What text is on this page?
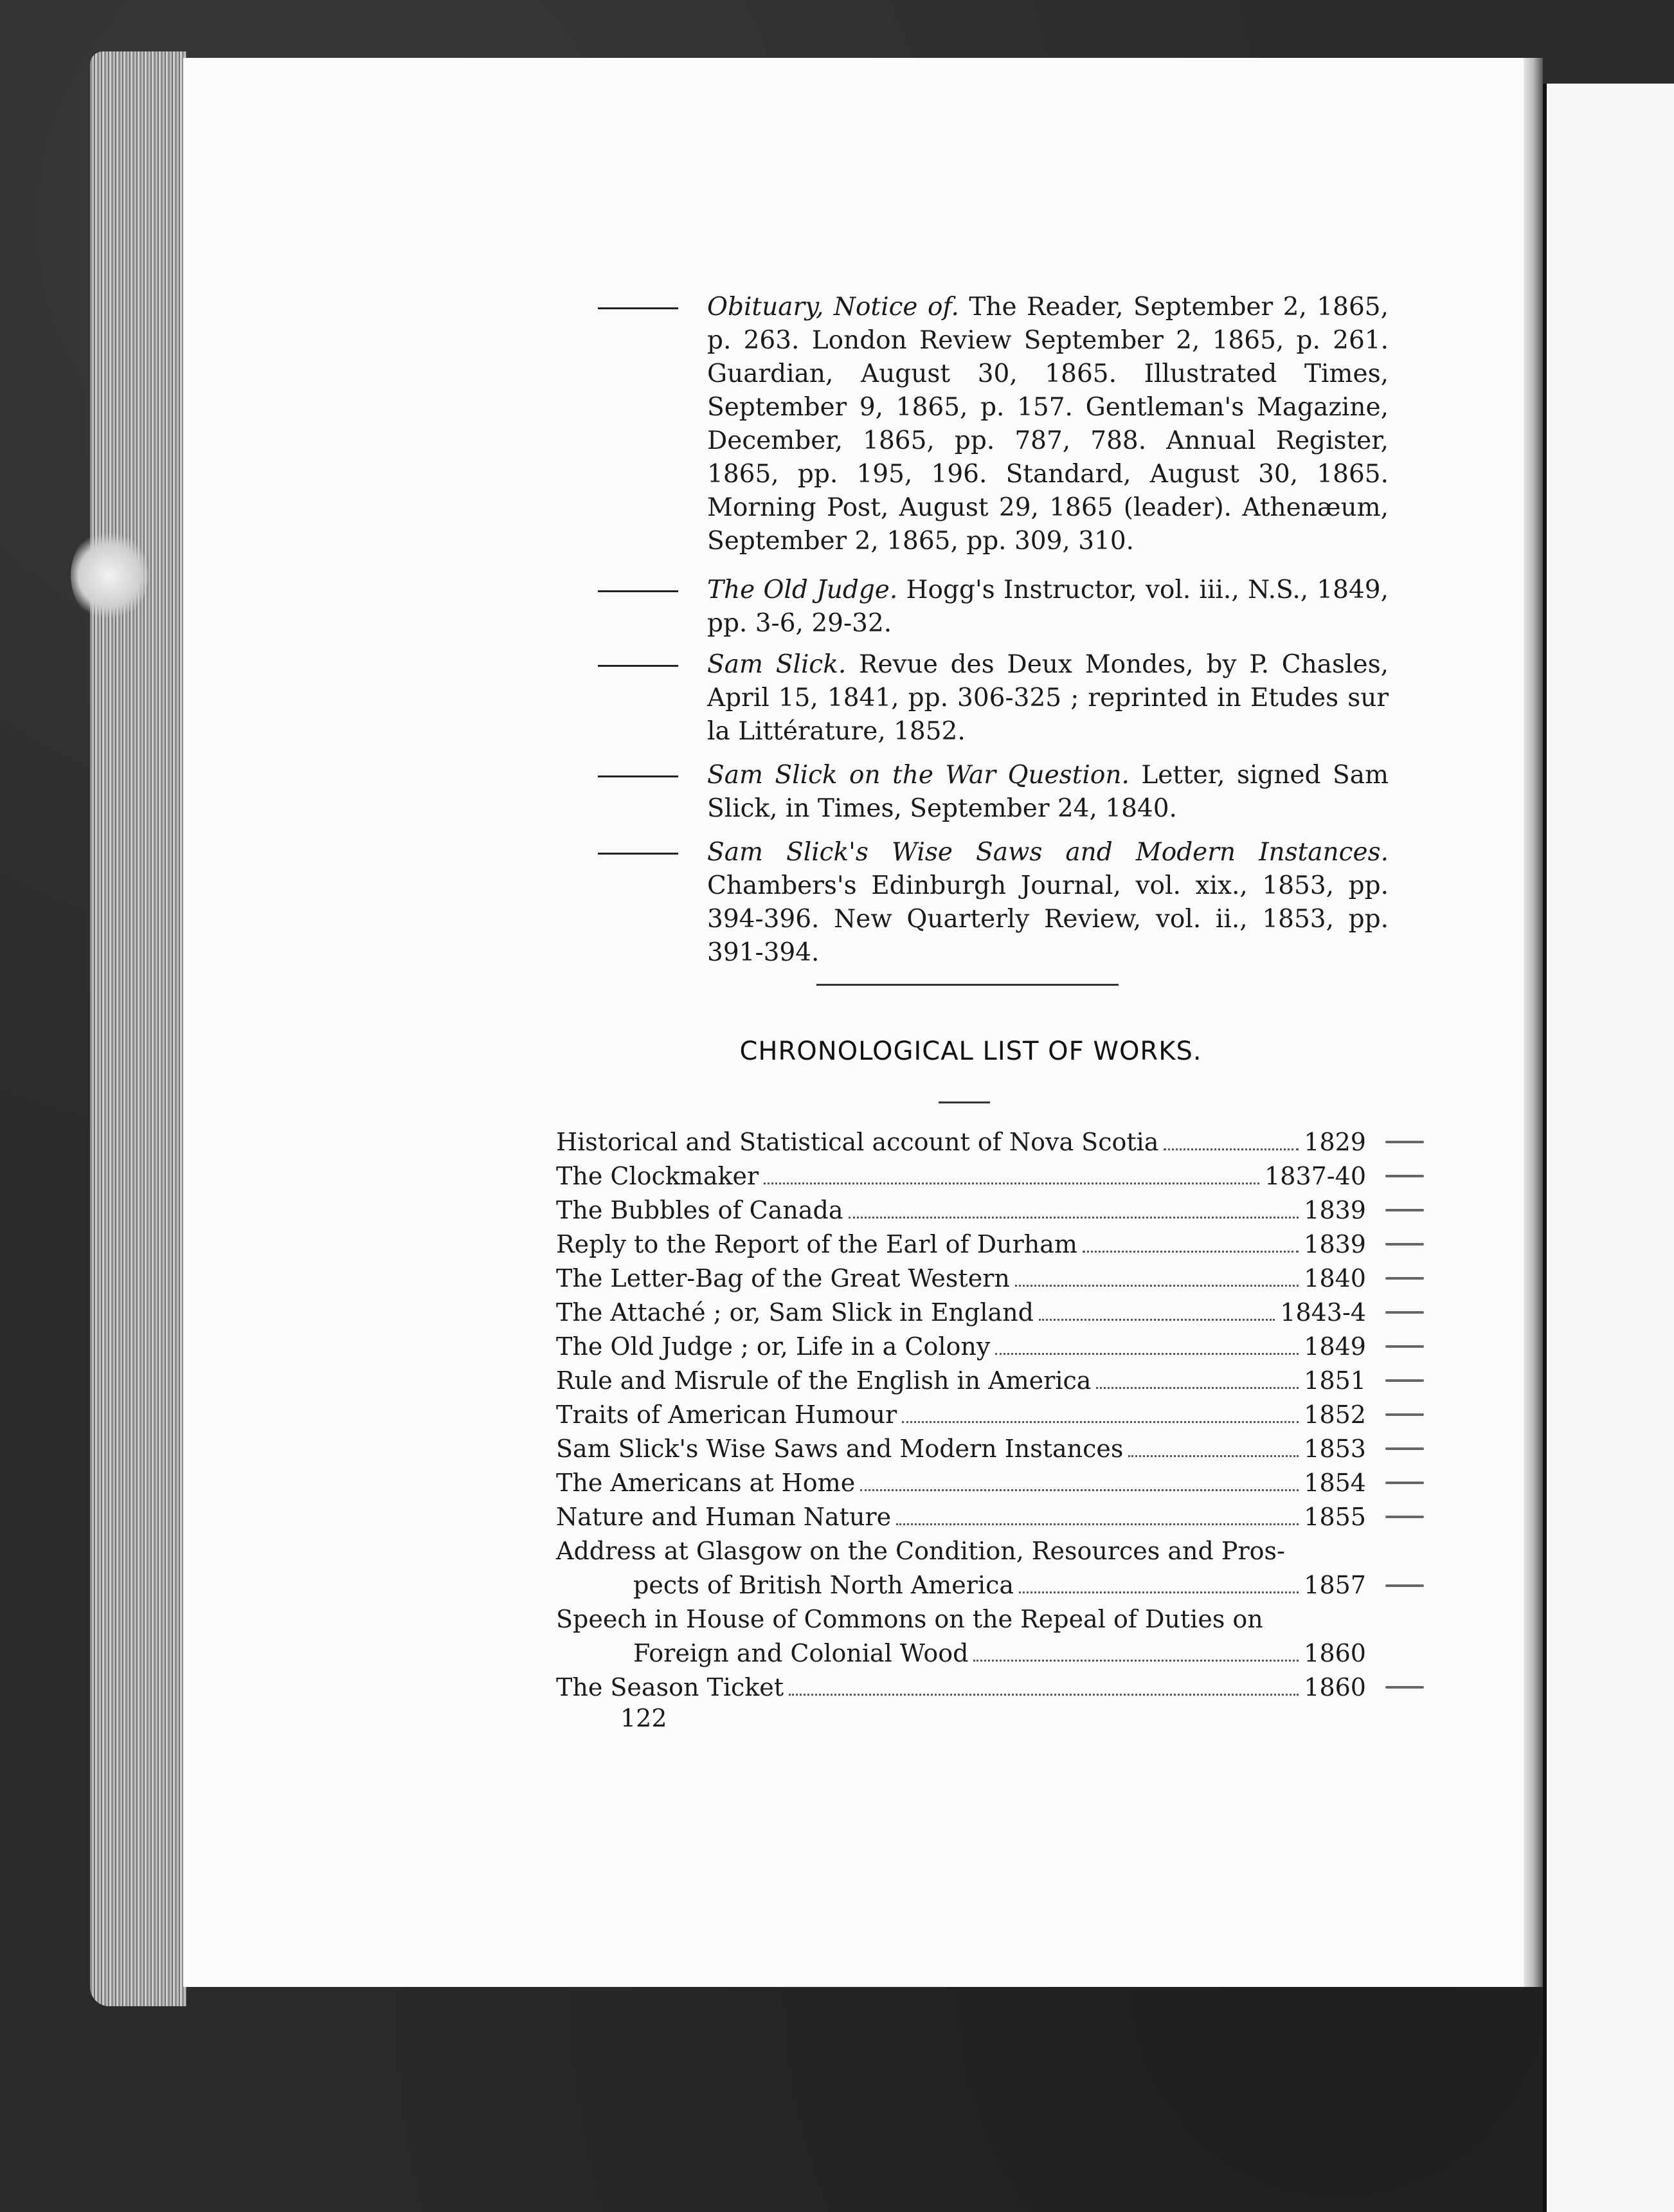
Obituary, Notice of. The Reader, September 2, 1865, p. 263. London Review September 2, 1865, p. 261. Guardian, August 30, 1865. Illustrated Times, September 9, 1865, p. 157. Gentleman's Magazine, December, 1865, pp. 787, 788. Annual Register, 1865, pp. 195, 196. Standard, August 30, 1865. Morning Post, August 29, 1865 (leader). Athenæum, September 2, 1865, pp. 309, 310.
The Old Judge. Hogg's Instructor, vol. iii., N.S., 1849, pp. 3-6, 29-32.
Sam Slick. Revue des Deux Mondes, by P. Chasles, April 15, 1841, pp. 306-325 ; reprinted in Etudes sur la Littérature, 1852.
Sam Slick on the War Question. Letter, signed Sam Slick, in Times, September 24, 1840.
Sam Slick's Wise Saws and Modern Instances. Chambers's Edinburgh Journal, vol. xix., 1853, pp. 394-396. New Quarterly Review, vol. ii., 1853, pp. 391-394.
CHRONOLOGICAL LIST OF WORKS.
Historical and Statistical account of Nova Scotia	1829
The Clockmaker	1837-40
The Bubbles of Canada	1839
Reply to the Report of the Earl of Durham	1839
The Letter-Bag of the Great Western	1840
The Attaché ; or, Sam Slick in England	1843-4
The Old Judge ; or, Life in a Colony	1849
Rule and Misrule of the English in America	1851
Traits of American Humour	1852
Sam Slick's Wise Saws and Modern Instances	1853
The Americans at Home	1854
Nature and Human Nature	1855
Address at Glasgow on the Condition, Resources and Pros-
pects of British North America	1857
Speech in House of Commons on the Repeal of Duties on
Foreign and Colonial Wood	1860
The Season Ticket	1860
122
